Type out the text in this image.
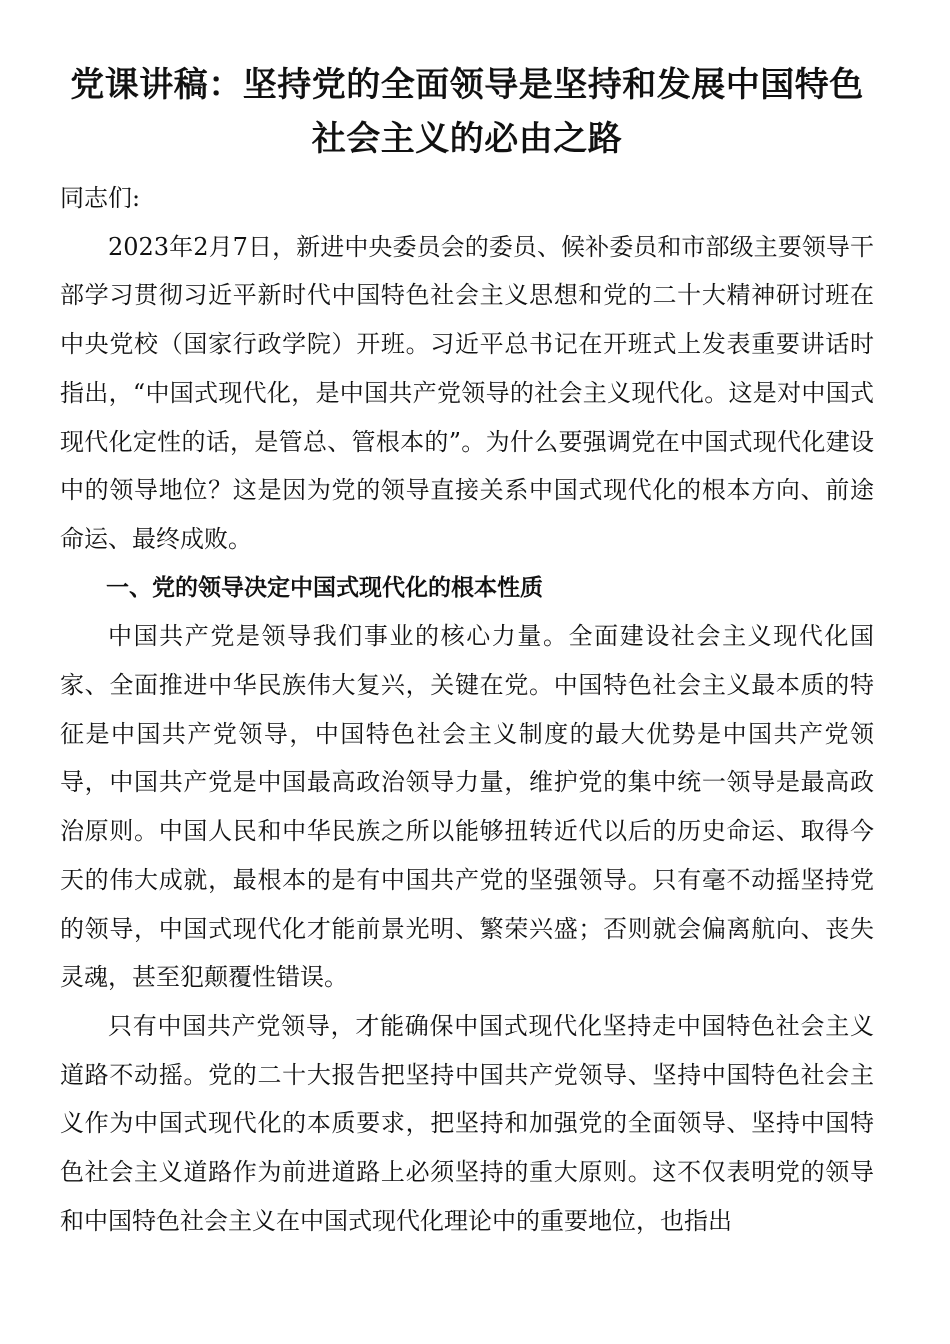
党课讲稿：坚持党的全面领导是坚持和发展中国特色
社会主义的必由之路

同志们:

2023年2月7日，新进中央委员会的委员、候补委员和市部级主要领导干部学习贯彻习近平新时代中国特色社会主义思想和党的二十大精神研讨班在中央党校（国家行政学院）开班。习近平总书记在开班式上发表重要讲话时指出，“中国式现代化，是中国共产党领导的社会主义现代化。这是对中国式现代化定性的话，是管总、管根本的”。为什么要强调党在中国式现代化建设中的领导地位？这是因为党的领导直接关系中国式现代化的根本方向、前途命运、最终成败。

一、党的领导决定中国式现代化的根本性质

中国共产党是领导我们事业的核心力量。全面建设社会主义现代化国家、全面推进中华民族伟大复兴，关键在党。中国特色社会主义最本质的特征是中国共产党领导，中国特色社会主义制度的最大优势是中国共产党领导，中国共产党是中国最高政治领导力量，维护党的集中统一领导是最高政治原则。中国人民和中华民族之所以能够扭转近代以后的历史命运、取得今天的伟大成就，最根本的是有中国共产党的坚强领导。只有毫不动摇坚持党的领导，中国式现代化才能前景光明、繁荣兴盛；否则就会偏离航向、丧失灵魂，甚至犯颠覆性错误。

只有中国共产党领导，才能确保中国式现代化坚持走中国特色社会主义道路不动摇。党的二十大报告把坚持中国共产党领导、坚持中国特色社会主义作为中国式现代化的本质要求，把坚持和加强党的全面领导、坚持中国特色社会主义道路作为前进道路上必须坚持的重大原则。这不仅表明党的领导和中国特色社会主义在中国式现代化理论中的重要地位，也指出
